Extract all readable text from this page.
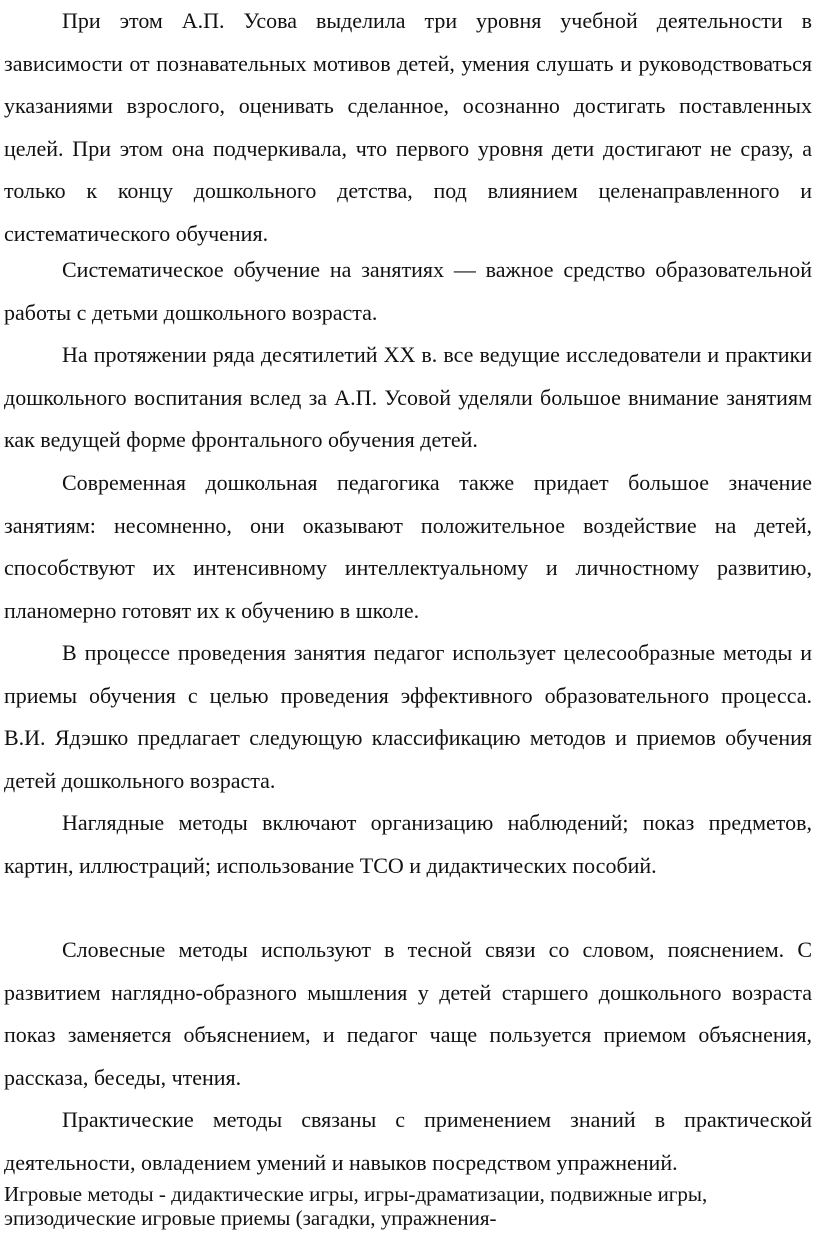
При этом А.П. Усова выделила три уровня учебной деятельности в зависимости от познавательных мотивов детей, умения слушать и руководствоваться указаниями взрослого, оценивать сделанное, осознанно достигать поставленных целей. При этом она подчеркивала, что первого уровня дети достигают не сразу, а только к концу дошкольного детства, под влиянием целенаправленного и систематического обучения.

Систематическое обучение на занятиях — важное средство образовательной работы с детьми дошкольного возраста.

На протяжении ряда десятилетий XX в. все ведущие исследователи и практики дошкольного воспитания вслед за А.П. Усовой уделяли большое внимание занятиям как ведущей форме фронтального обучения детей.

Современная дошкольная педагогика также придает большое значение занятиям: несомненно, они оказывают положительное воздействие на детей, способствуют их интенсивному интеллектуальному и личностному развитию, планомерно готовят их к обучению в школе.

В процессе проведения занятия педагог использует целесообразные методы и приемы обучения с целью проведения эффективного образовательного процесса. В.И. Ядэшко предлагает следующую классификацию методов и приемов обучения детей дошкольного возраста.

Наглядные методы включают организацию наблюдений; показ предметов, картин, иллюстраций; использование ТСО и дидактических пособий.

Словесные методы используют в тесной связи со словом, пояснением. С развитием наглядно-образного мышления у детей старшего дошкольного возраста показ заменяется объяснением, и педагог чаще пользуется приемом объяснения, рассказа, беседы, чтения.

Практические методы связаны с применением знаний в практической деятельности, овладением умений и навыков посредством упражнений.

Игровые методы - дидактические игры, игры-драматизации, подвижные игры, эпизодические игровые приемы (загадки, упражнения-
